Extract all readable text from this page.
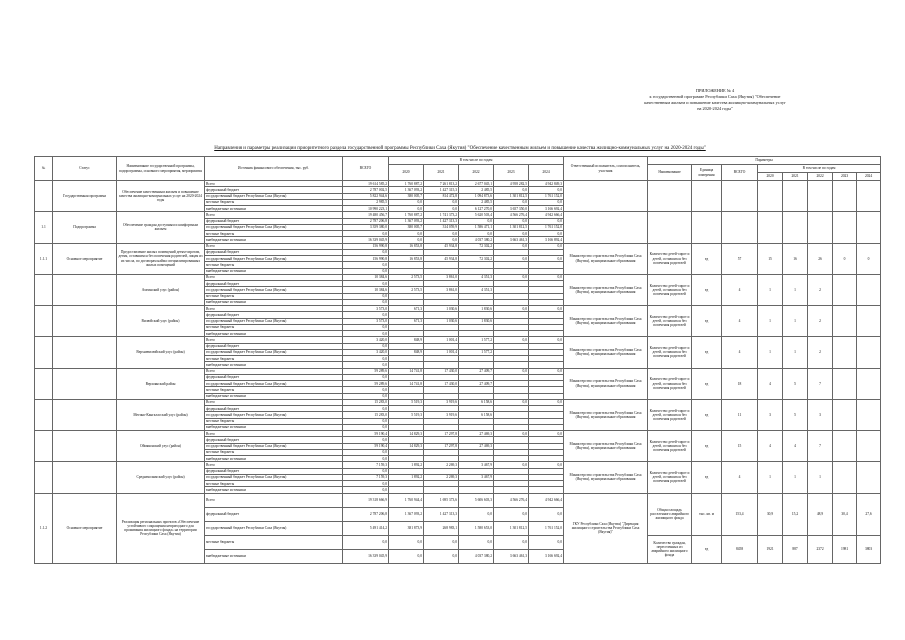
ПРИЛОЖЕНИЕ № 4
к государственной программе Республики Саха (Якутия) "Обеспечение
качественным жильем и повышение качества жилищно-коммунальных услуг
на 2020-2024 годы"
Направления и параметры реализации приоритетного раздела государственной программы Республики Саха (Якутия) "Обеспечение качественным жильем и повышение качества жилищно-коммунальных услуг на 2020-2024 годы"
№	Статус	Наименование государственной программы, подпрограммы, основного мероприятия, мероприятия	Источник финансового обеспечения, тыс. руб.	ВСЕГО	В том числе по годам					Ответственный исполнитель, соисполнитель, участник	Параметры							
					2020	2021	2022	2023	2024		Наименование	Единица измерения	ВСЕГО	В том числе по годам				
														2020	2021	2022	2023	2024
	Государственная программа	Обеспечение качественным жильем и повышение качества жилищно-коммунальных услуг на 2020-2024 годы	Всего	19 614 585,2	1 760 887,2	7 261 813,2	2 677 045,1	4 958 282,5	4 942 849,3									
			федеральный бюджет	2 787 002,5	1 367 093,2	1 427 315,3	2 485,5	0,0	0,0									
			государственный бюджет Республики Саха (Якутия)	5 822 944,6	380 005,7	814 472,8	1 094 873,6	1 301 812,5	1 761 152,0									
			местные бюджеты	2 985,5	0,0	0,0	2 485,5	0,0	0,0									
			внебюджетные источники	10 990 223,1	0,0	0,0	6 127 270,0	3 657 350,0	3 166 692,4									
1.1	Подпрограмма	Обеспечение граждан доступным и комфортным жильем	Всего	19 480 456,7	1 760 887,2	1 741 373,2	5 620 503,4	4 566 276,4	4 942 666,4									
			федеральный бюджет	2 787 206,8	1 367 093,2	1 427 313,3	0,0	0,0	0,0									
			государственный бюджет Республики Саха (Якутия)	3 359 380,0	380 005,7	314 059,9	1 586 471,1	1 301 812,5	1 761 152,0									
			местные бюджеты	0,0	0,0	0,0	0,0	0,0	0,0									
			внебюджетные источники	16 339 045,9	0,0	0,0	4 037 380,2	3 663 461,3	3 166 892,4									
1.1.1	Основное мероприятие	Предоставление жилых помещений детям-сиротам, детям, оставшимся без попечения родителей, лицам из их числа, по договорам найма специализированных жилых помещений	Всего	156 990,8	16 853,8	45 934,8	72 302,2	0,0	0,0	Министерство строительства Республики Саха (Якутия), муниципальные образования	Количество детей-сирот и детей, оставшихся без попечения родителей	ед	57	15	16	26	0	0
			федеральный бюджет	0,0														
			государственный бюджет Республики Саха (Якутия)	156 990,8	16 853,8	45 934,8	72 302,2	0,0	0,0									
			местные бюджеты	0,0														
			внебюджетные источники	0,0														
		Амгинский улус (район)	Всего	10 384,6	2 573,5	3 861,0	4 351,3	0,0	0,0	Министерство строительства Республики Саха (Якутия), муниципальные образования	Количество детей-сирот и детей, оставшихся без попечения родителей	ед	4	1	1	2		
			федеральный бюджет	0,0														
			государственный бюджет Республики Саха (Якутия)	10 384,6	2 573,5	3 861,0	4 351,3											
			местные бюджеты	0,0														
			внебюджетные источники	0,0														
		Вилюйский улус (район)	Всего	3 573,0	671,3	1 030,6	1 830,6	0,0	0,0	Министерство строительства Республики Саха (Якутия), муниципальные образования	Количество детей-сирот и детей, оставшихся без попечения родителей	ед	4	1	1	2		
			федеральный бюджет	0,0														
			государственный бюджет Республики Саха (Якутия)	3 573,0	671,3	1 030,6	1 830,6											
			местные бюджеты	0,0														
			внебюджетные источники	0,0														
		Верхневилюйский улус (район)	Всего	3 420,0	848,9	1 001,4	1 577,2	0,0	0,0	Министерство строительства Республики Саха (Якутия), муниципальные образования	Количество детей-сирот и детей, оставшихся без попечения родителей	ед	4	1	1	2		
			федеральный бюджет	0,0														
			государственный бюджет Республики Саха (Якутия)	3 420,0	848,9	1 001,4	1 577,2											
			местные бюджеты	0,0														
			внебюджетные источники	0,0														
		Верхоянский район	Всего	59 289,6	14 741,8	17 430,0	27 409,7	0,0	0,0	Министерство строительства Республики Саха (Якутия), муниципальные образования	Количество детей-сирот и детей, оставшихся без попечения родителей	ед	18	4	5	7		
			федеральный бюджет	0,0														
			государственный бюджет Республики Саха (Якутия)	59 289,6	14 741,8	17 430,0	27 409,7											
			местные бюджеты	0,0														
			внебюджетные источники	0,0														
		Мегино-Кангаласский улус (район)	Всего	15 283,0	5 519,3	3 919,6	6 158,6	0,0	0,0	Министерство строительства Республики Саха (Якутия), муниципальные образования	Количество детей-сирот и детей, оставшихся без попечения родителей	ед	11	3	5	3		
			федеральный бюджет	0,0														
			государственный бюджет Республики Саха (Якутия)	15 283,0	5 519,3	3 919,6	6 158,6											
			местные бюджеты	0,0														
			внебюджетные источники	0,0														
		Оймяконский улус (район)	Всего	59 190,4	14 829,3	17 297,8	27 469,3	0,0	0,0	Министерство строительства Республики Саха (Якутия), муниципальные образования	Количество детей-сирот и детей, оставшихся без попечения родителей	ед	15	4	4	7		
			федеральный бюджет	0,0														
			государственный бюджет Республики Саха (Якутия)	59 190,4	14 829,3	17 297,8	27 469,3											
			местные бюджеты	0,0														
			внебюджетные источники	0,0														
		Среднеколымский улус (район)	Всего	7 159,3	1 892,2	2 269,3	3 467,9	0,0	0,0	Министерство строительства Республики Саха (Якутия), муниципальные образования	Количество детей-сирот и детей, оставшихся без попечения родителей	ед	4	1	1	1		
			федеральный бюджет	0,0														
			государственный бюджет Республики Саха (Якутия)	7 159,3	1 892,2	2 269,3	3 467,9											
			местные бюджеты	0,0														
			внебюджетные источники	0,0														
1.1.2	Основное мероприятие	Реализация региональных проектов «Обеспечение устойчивого сокращения непригодного для проживания жилищного фонда» на территории Республики Саха (Якутия)	Всего	19 318 666,9	1 760 944,4	1 695 373,6	5 606 603,3	4 566 276,4	4 942 666,4	ГКУ Республики Саха (Якутия) "Дирекция жилищного строительства Республики Саха (Якутия)"	Общая площадь расселенного аварийного жилищного фонда	тыс. кв. м	153,4	30,9	15,2	48,9	30,4	27,6
			федеральный бюджет	2 787 206,8	1 367 093,2	1 427 313,3	0,0	0,0	0,0									
			государственный бюджет Республики Саха (Якутия)	5 491 414,2	381 873,9	268 983,1	1 580 653,0	1 301 812,5	1 761 152,0									
			местные бюджеты	0,0	0,0	0,0	0,0	0,0	0,0		Количество граждан, переселенных из аварийного жилищного фонда	ед	8458	1921	887	2372	1981	3803
			внебюджетные источники	16 339 045,9	0,0	0,0	4 037 380,2	3 663 461,3	3 166 692,4									
